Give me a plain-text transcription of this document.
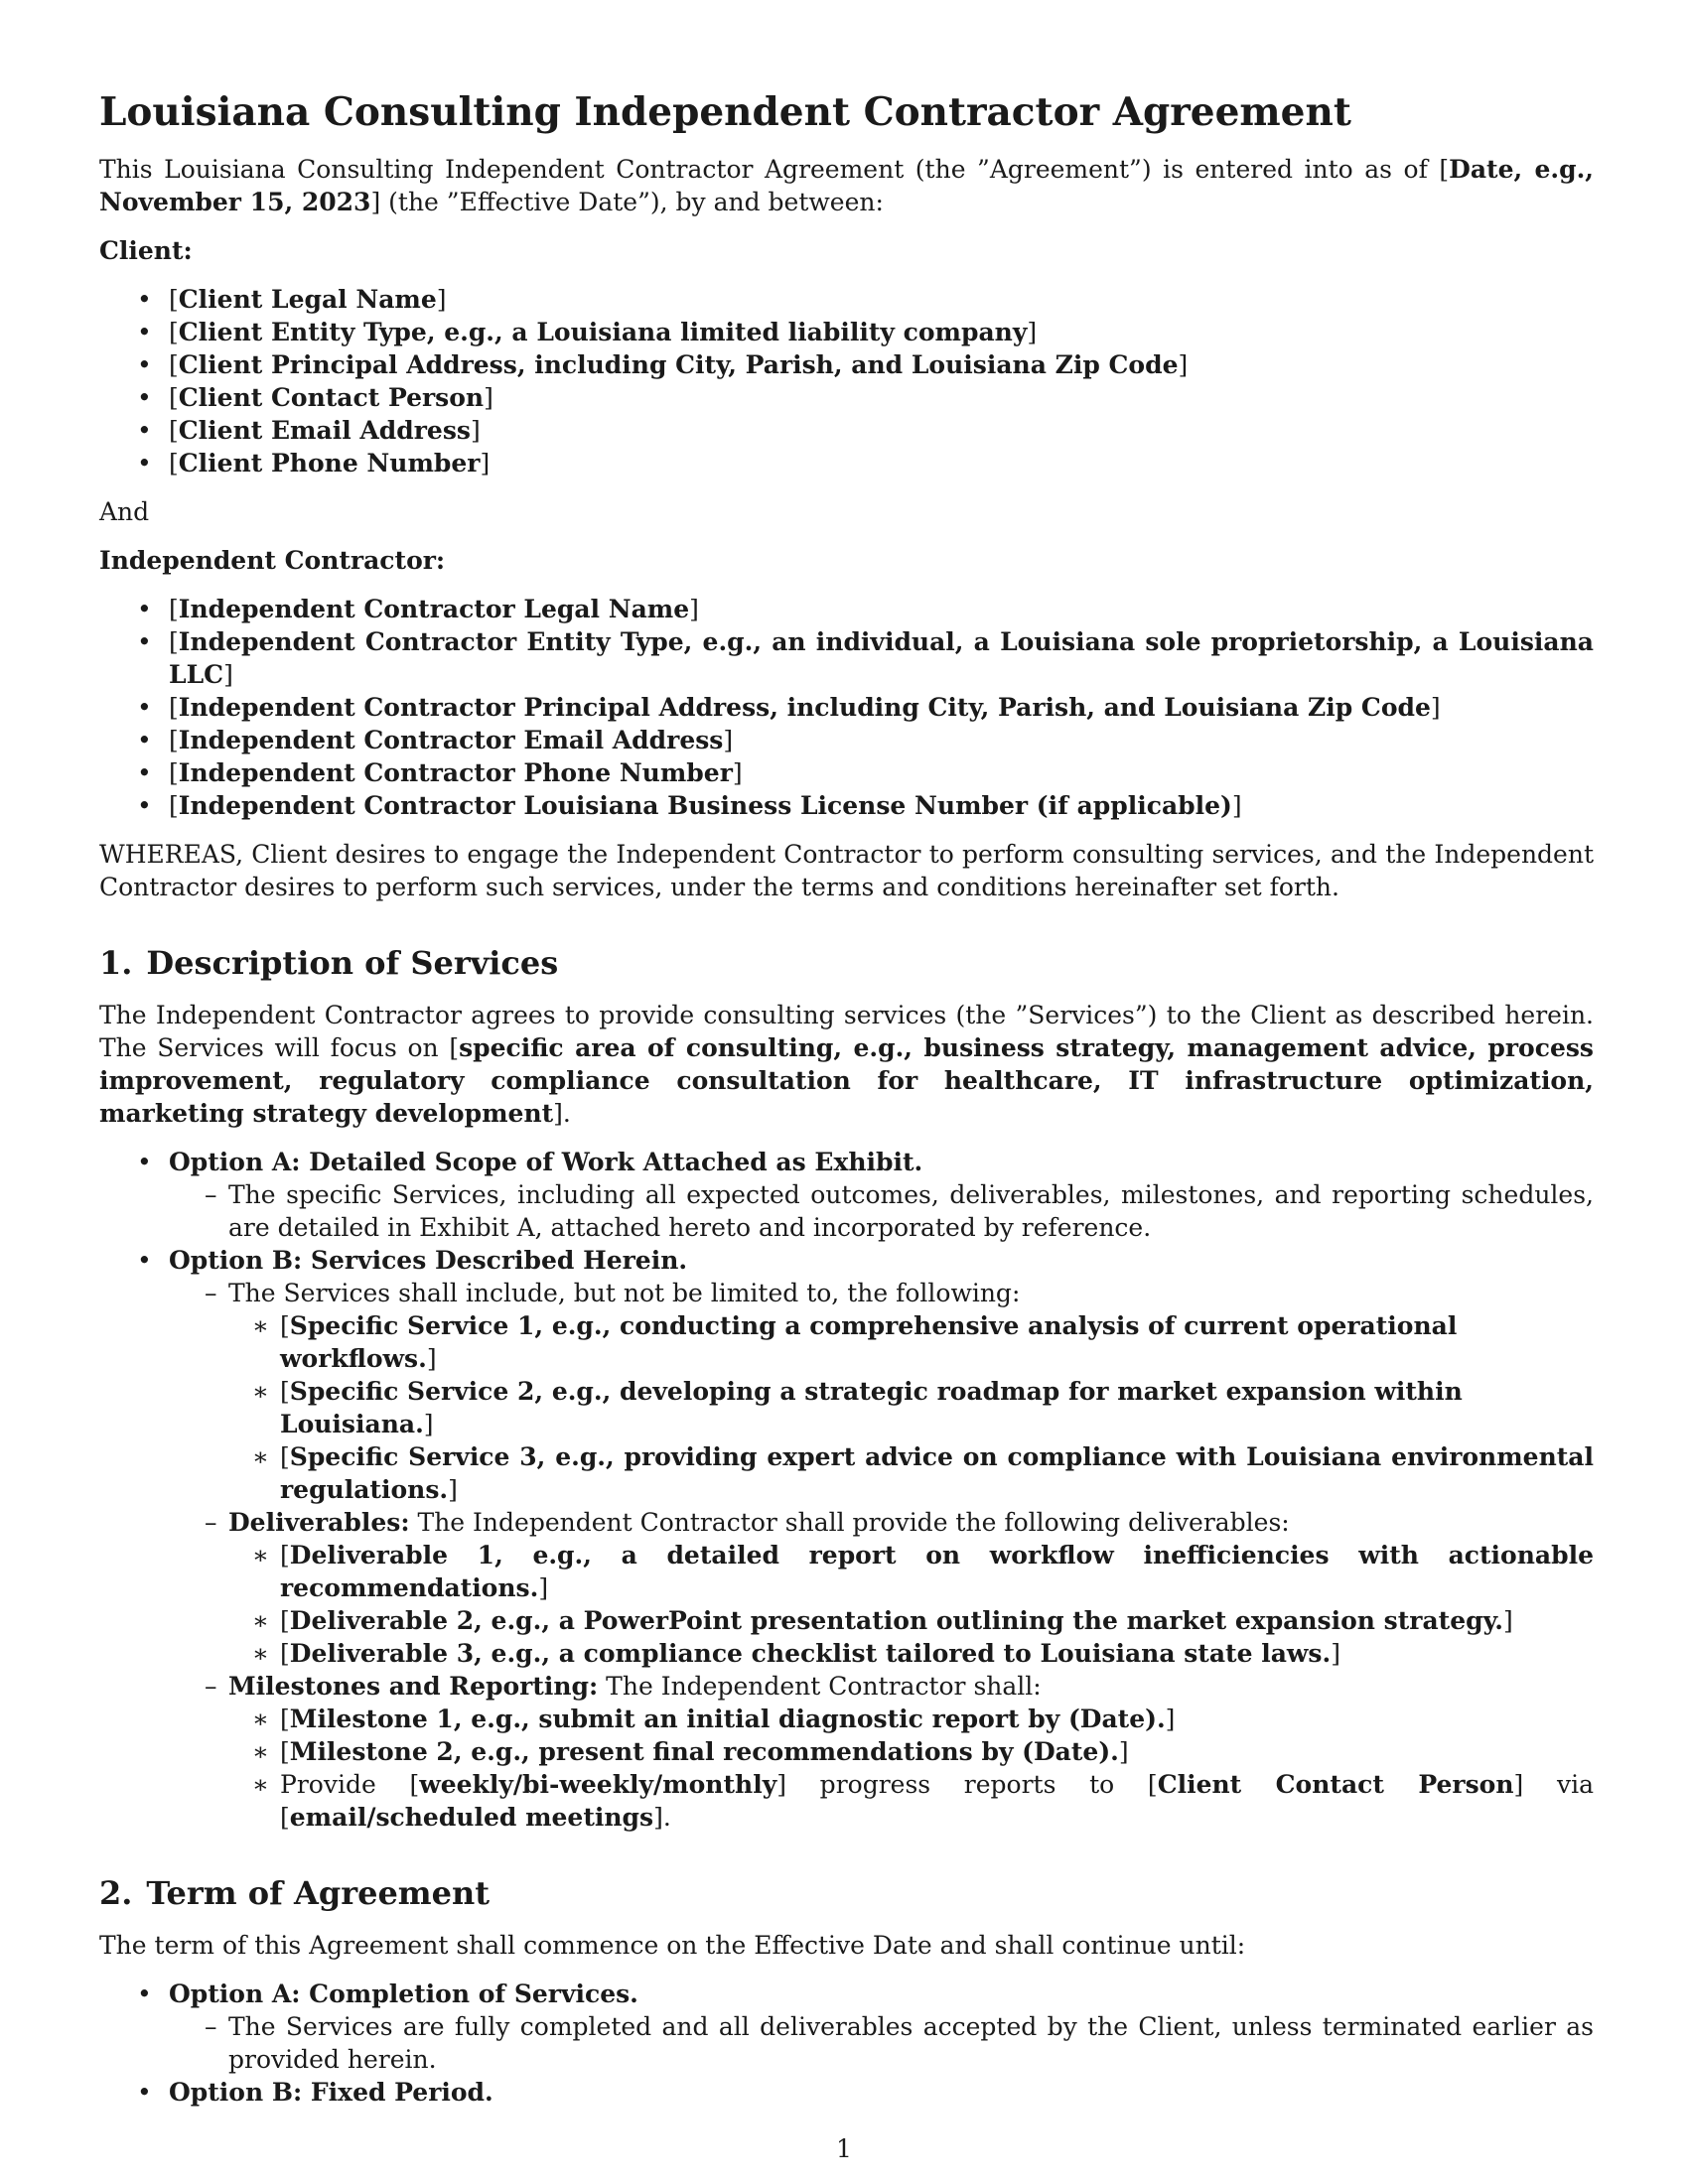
Louisiana Consulting Independent Contractor Agreement

This Louisiana Consulting Independent Contractor Agreement (the ”Agreement”) is entered into as of [Date, e.g., November 15, 2023] (the ”Effective Date”), by and between:

Client:

• [Client Legal Name]
• [Client Entity Type, e.g., a Louisiana limited liability company]
• [Client Principal Address, including City, Parish, and Louisiana Zip Code]
• [Client Contact Person]
• [Client Email Address]
• [Client Phone Number]

And

Independent Contractor:

• [Independent Contractor Legal Name]
• [Independent Contractor Entity Type, e.g., an individual, a Louisiana sole proprietorship, a Louisiana LLC]
• [Independent Contractor Principal Address, including City, Parish, and Louisiana Zip Code]
• [Independent Contractor Email Address]
• [Independent Contractor Phone Number]
• [Independent Contractor Louisiana Business License Number (if applicable)]

WHEREAS, Client desires to engage the Independent Contractor to perform consulting services, and the Independent Contractor desires to perform such services, under the terms and conditions hereinafter set forth.

1. Description of Services

The Independent Contractor agrees to provide consulting services (the ”Services”) to the Client as described herein. The Services will focus on [specific area of consulting, e.g., business strategy, management advice, process improvement, regulatory compliance consultation for healthcare, IT infrastructure optimization, marketing strategy development].

• Option A: Detailed Scope of Work Attached as Exhibit.
– The specific Services, including all expected outcomes, deliverables, milestones, and reporting schedules, are detailed in Exhibit A, attached hereto and incorporated by reference.
• Option B: Services Described Herein.
– The Services shall include, but not be limited to, the following:
∗ [Specific Service 1, e.g., conducting a comprehensive analysis of current operational workflows.]
∗ [Specific Service 2, e.g., developing a strategic roadmap for market expansion within Louisiana.]
∗ [Specific Service 3, e.g., providing expert advice on compliance with Louisiana environmental regulations.]
– Deliverables: The Independent Contractor shall provide the following deliverables:
∗ [Deliverable 1, e.g., a detailed report on workflow inefficiencies with actionable recommendations.]
∗ [Deliverable 2, e.g., a PowerPoint presentation outlining the market expansion strategy.]
∗ [Deliverable 3, e.g., a compliance checklist tailored to Louisiana state laws.]
– Milestones and Reporting: The Independent Contractor shall:
∗ [Milestone 1, e.g., submit an initial diagnostic report by (Date).]
∗ [Milestone 2, e.g., present final recommendations by (Date).]
∗ Provide [weekly/bi-weekly/monthly] progress reports to [Client Contact Person] via [email/scheduled meetings].
2. Term of Agreement

The term of this Agreement shall commence on the Effective Date and shall continue until:

• Option A: Completion of Services.
– The Services are fully completed and all deliverables accepted by the Client, unless terminated earlier as provided herein.
• Option B: Fixed Period.
1
